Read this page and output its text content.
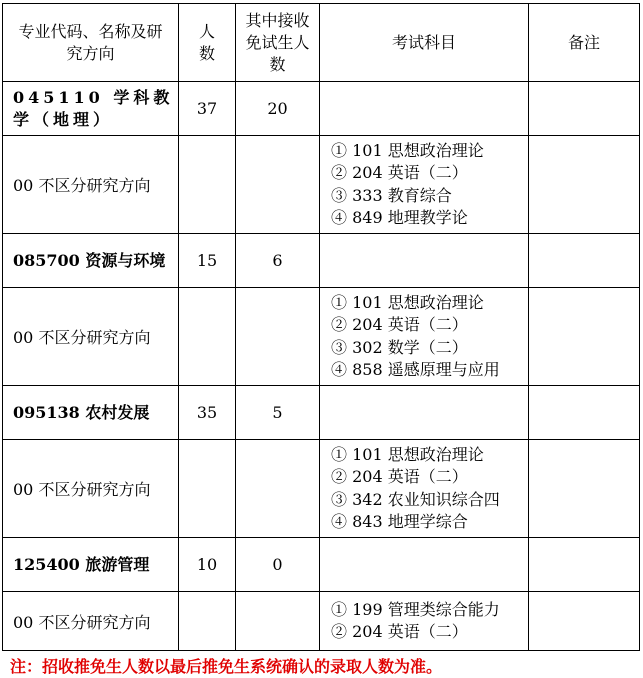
专业代码、名称及研究方向	人数	其中接收免试生人数	考试科目	备注
045110 学科教学（地理）	37	20		
00 不区分研究方向			① 101 思想政治理论
② 204 英语（二）
③ 333 教育综合
④ 849 地理教学论	

085700 资源与环境	15	6		
00 不区分研究方向			① 101 思想政治理论
② 204 英语（二）
③ 302 数学（二）
④ 858 遥感原理与应用	

095138 农村发展	35	5		
00 不区分研究方向			① 101 思想政治理论
② 204 英语（二）
③ 342 农业知识综合四
④ 843 地理学综合	

125400 旅游管理	10	0		
00 不区分研究方向			① 199 管理类综合能力
② 204 英语（二）	

注：招收推免生人数以最后推免生系统确认的录取人数为准。
